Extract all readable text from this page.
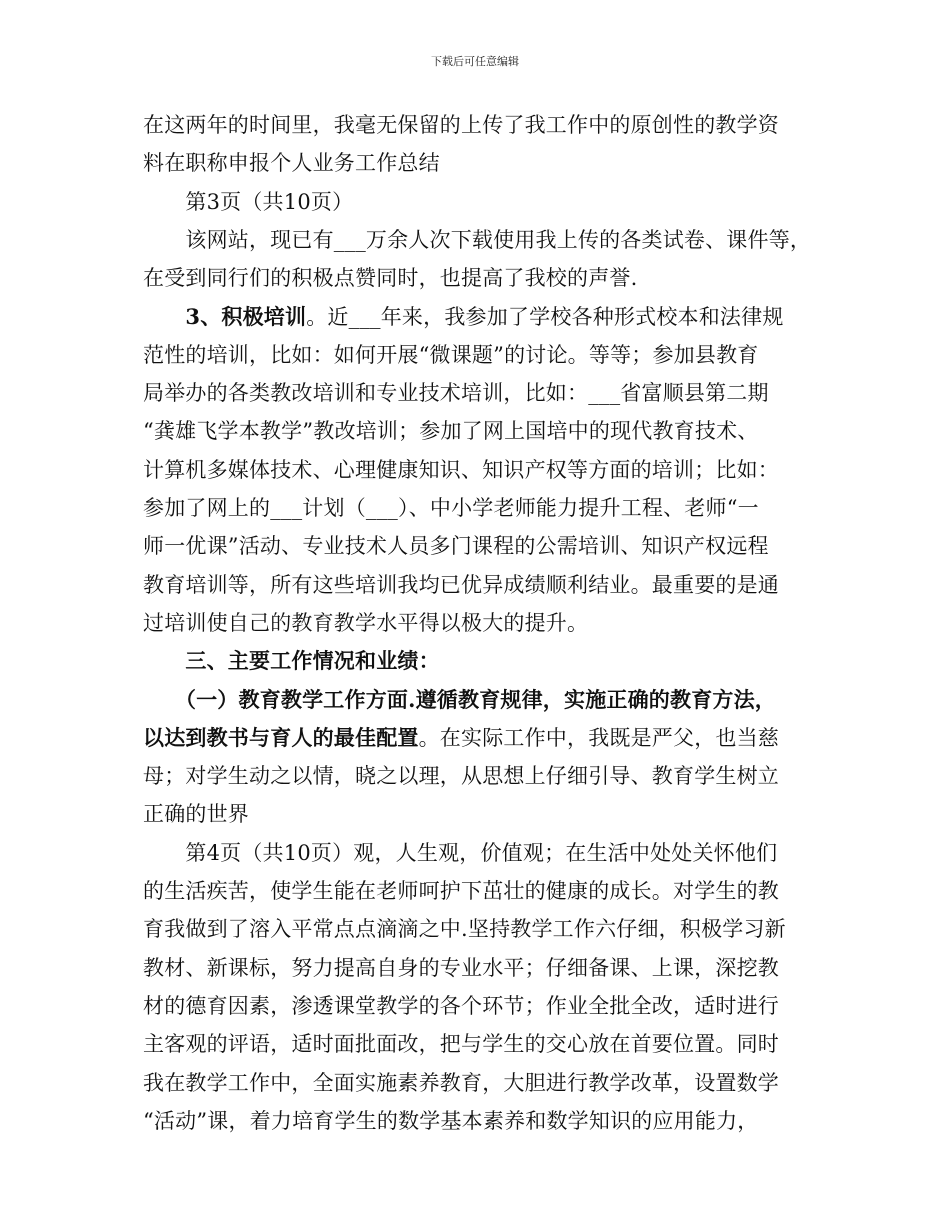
下载后可任意编辑
在这两年的时间里，我毫无保留的上传了我工作中的原创性的教学资
料在职称申报个人业务工作总结
　　第3页（共10页）
　　该网站，现已有___万余人次下载使用我上传的各类试卷、课件等，
在受到同行们的积极点赞同时，也提高了我校的声誉.
　　3、积极培训。近___年来，我参加了学校各种形式校本和法律规
范性的培训，比如：如何开展“微课题”的讨论。等等；参加县教育
局举办的各类教改培训和专业技术培训，比如：___省富顺县第二期
“龚雄飞学本教学”教改培训；参加了网上国培中的现代教育技术、
计算机多媒体技术、心理健康知识、知识产权等方面的培训；比如：
参加了网上的___计划（___）、中小学老师能力提升工程、老师“一
师一优课”活动、专业技术人员多门课程的公需培训、知识产权远程
教育培训等，所有这些培训我均已优异成绩顺利结业。最重要的是通
过培训使自己的教育教学水平得以极大的提升。
　　三、主要工作情况和业绩：
　　（一）教育教学工作方面.遵循教育规律，实施正确的教育方法，
以达到教书与育人的最佳配置。在实际工作中，我既是严父，也当慈
母；对学生动之以情，晓之以理，从思想上仔细引导、教育学生树立
正确的世界
　　第4页（共10页）观，人生观，价值观；在生活中处处关怀他们
的生活疾苦，使学生能在老师呵护下茁壮的健康的成长。对学生的教
育我做到了溶入平常点点滴滴之中.坚持教学工作六仔细，积极学习新
教材、新课标，努力提高自身的专业水平；仔细备课、上课，深挖教
材的德育因素，渗透课堂教学的各个环节；作业全批全改，适时进行
主客观的评语，适时面批面改，把与学生的交心放在首要位置。同时
我在教学工作中，全面实施素养教育，大胆进行教学改革，设置数学
“活动”课，着力培育学生的数学基本素养和数学知识的应用能力，
